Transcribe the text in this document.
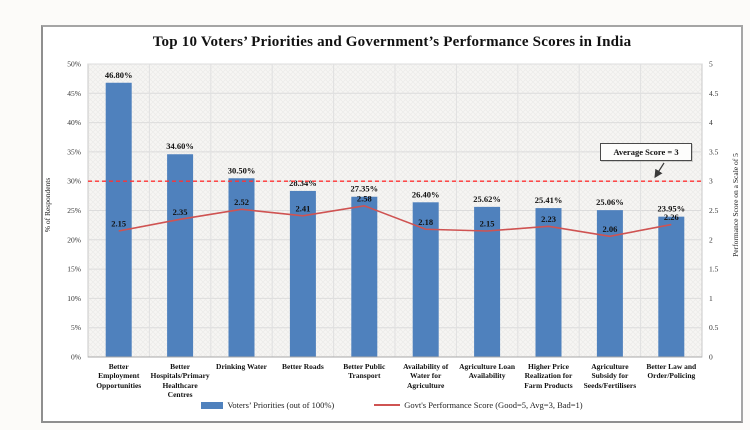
Top 10 Voters’ Priorities and Government’s Performance Scores in India
% of Respondents	Performance Score on a Scale of 5
46.80%
34.60%
30.50%
28.34%
27.35%
26.40%	25.62%	25.41%	25.06%
23.95%
2.15
2.35
2.52
2.41
2.58
2.18	2.15	2.23
2.06
2.26
50%
45%
40%
35%
30%
25%
20%
15%
10%
5%
0%
5
4.5
4
3.5
3
2.5
2
1.5
1
0.5
0
Better Employment Opportunities
Better Hospitals/Primary Healthcare Centres
Drinking Water	Better Roads	Better Public Transport
Availability of Water for Agriculture
Agriculture Loan Availability
Higher Price Realization for Farm Products
Agriculture Subsidy for Seeds/Fertilisers
Better Law and Order/Policing
Average Score = 3
Voters’ Priorities (out of 100%)	Govt's Performance Score (Good=5, Avg=3, Bad=1)
